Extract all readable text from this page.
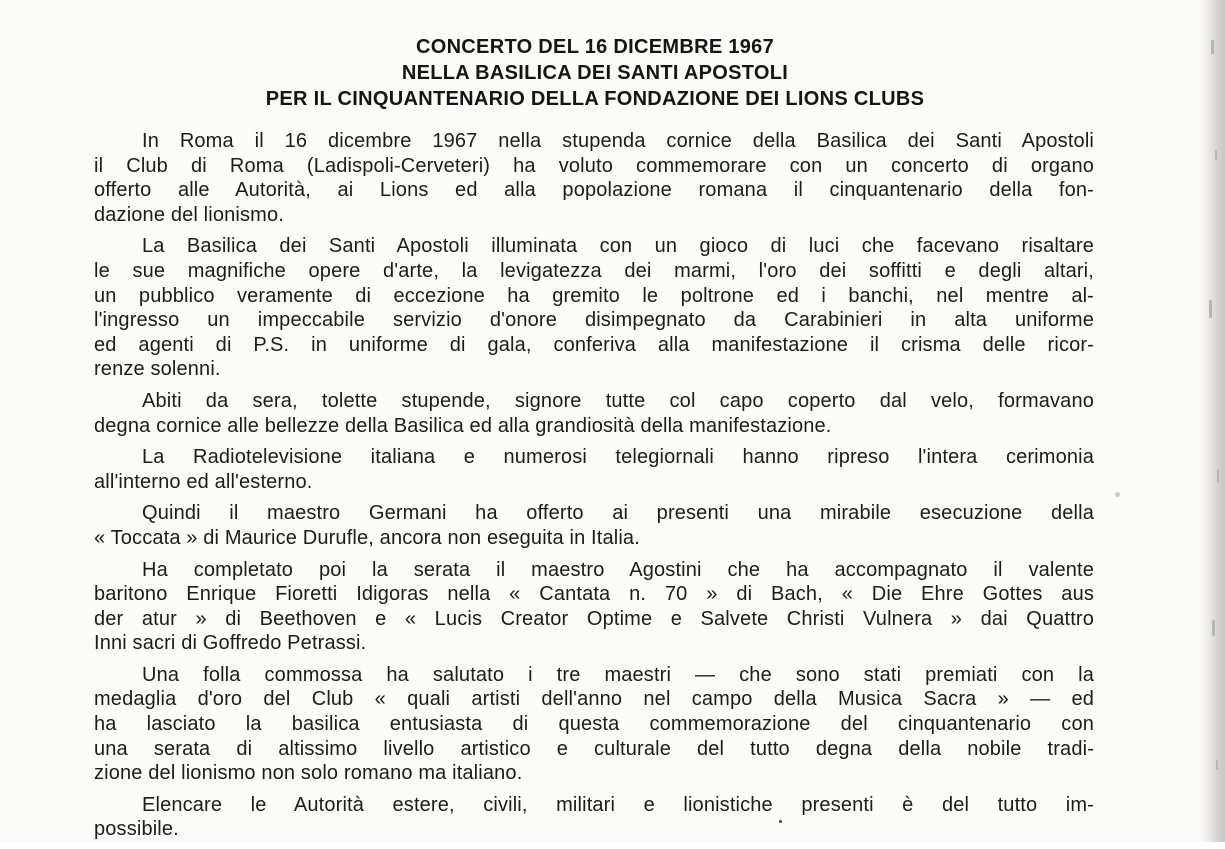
CONCERTO DEL 16 DICEMBRE 1967
NELLA BASILICA DEI SANTI APOSTOLI
PER IL CINQUANTENARIO DELLA FONDAZIONE DEI LIONS CLUBS
In Roma il 16 dicembre 1967 nella stupenda cornice della Basilica dei Santi Apostoli
il Club di Roma (Ladispoli-Cerveteri) ha voluto commemorare con un concerto di organo
offerto alle Autorità, ai Lions ed alla popolazione romana il cinquantenario della fon-
dazione del lionismo.
La Basilica dei Santi Apostoli illuminata con un gioco di luci che facevano risaltare
le sue magnifiche opere d'arte, la levigatezza dei marmi, l'oro dei soffitti e degli altari,
un pubblico veramente di eccezione ha gremito le poltrone ed i banchi, nel mentre al-
l'ingresso un impeccabile servizio d'onore disimpegnato da Carabinieri in alta uniforme
ed agenti di P.S. in uniforme di gala, conferiva alla manifestazione il crisma delle ricor-
renze solenni.
Abiti da sera, tolette stupende, signore tutte col capo coperto dal velo, formavano
degna cornice alle bellezze della Basilica ed alla grandiosità della manifestazione.
La Radiotelevisione italiana e numerosi telegiornali hanno ripreso l'intera cerimonia
all'interno ed all'esterno.
Quindi il maestro Germani ha offerto ai presenti una mirabile esecuzione della
« Toccata » di Maurice Durufle, ancora non eseguita in Italia.
Ha completato poi la serata il maestro Agostini che ha accompagnato il valente
baritono Enrique Fioretti Idigoras nella « Cantata n. 70 » di Bach, « Die Ehre Gottes aus
der atur » di Beethoven e « Lucis Creator Optime e Salvete Christi Vulnera » dai Quattro
Inni sacri di Goffredo Petrassi.
Una folla commossa ha salutato i tre maestri — che sono stati premiati con la
medaglia d'oro del Club « quali artisti dell'anno nel campo della Musica Sacra » — ed
ha lasciato la basilica entusiasta di questa commemorazione del cinquantenario con
una serata di altissimo livello artistico e culturale del tutto degna della nobile tradi-
zione del lionismo non solo romano ma italiano.
Elencare le Autorità estere, civili, militari e lionistiche presenti è del tutto im-
possibile.
